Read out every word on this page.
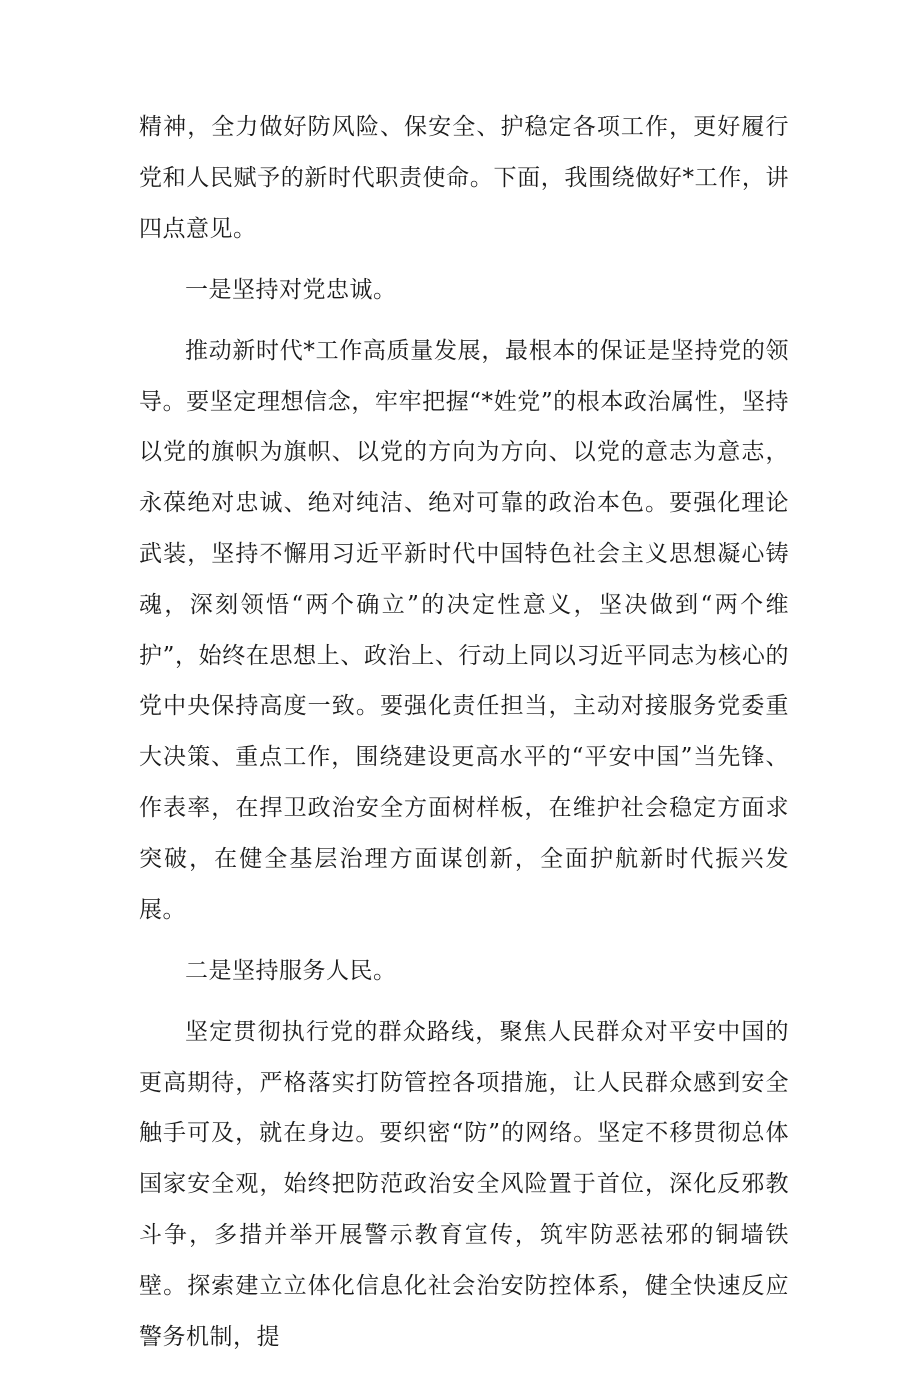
精神，全力做好防风险、保安全、护稳定各项工作，更好履行党和人民赋予的新时代职责使命。下面，我围绕做好*工作，讲四点意见。

一是坚持对党忠诚。

推动新时代*工作高质量发展，最根本的保证是坚持党的领导。要坚定理想信念，牢牢把握“*姓党”的根本政治属性，坚持以党的旗帜为旗帜、以党的方向为方向、以党的意志为意志，永葆绝对忠诚、绝对纯洁、绝对可靠的政治本色。要强化理论武装，坚持不懈用习近平新时代中国特色社会主义思想凝心铸魂，深刻领悟“两个确立”的决定性意义，坚决做到“两个维护”，始终在思想上、政治上、行动上同以习近平同志为核心的党中央保持高度一致。要强化责任担当，主动对接服务党委重大决策、重点工作，围绕建设更高水平的“平安中国”当先锋、作表率，在捍卫政治安全方面树样板，在维护社会稳定方面求突破，在健全基层治理方面谋创新，全面护航新时代振兴发展。

二是坚持服务人民。

坚定贯彻执行党的群众路线，聚焦人民群众对平安中国的更高期待，严格落实打防管控各项措施，让人民群众感到安全触手可及，就在身边。要织密“防”的网络。坚定不移贯彻总体国家安全观，始终把防范政治安全风险置于首位，深化反邪教斗争，多措并举开展警示教育宣传，筑牢防恶祛邪的铜墙铁壁。探索建立立体化信息化社会治安防控体系，健全快速反应警务机制，提
